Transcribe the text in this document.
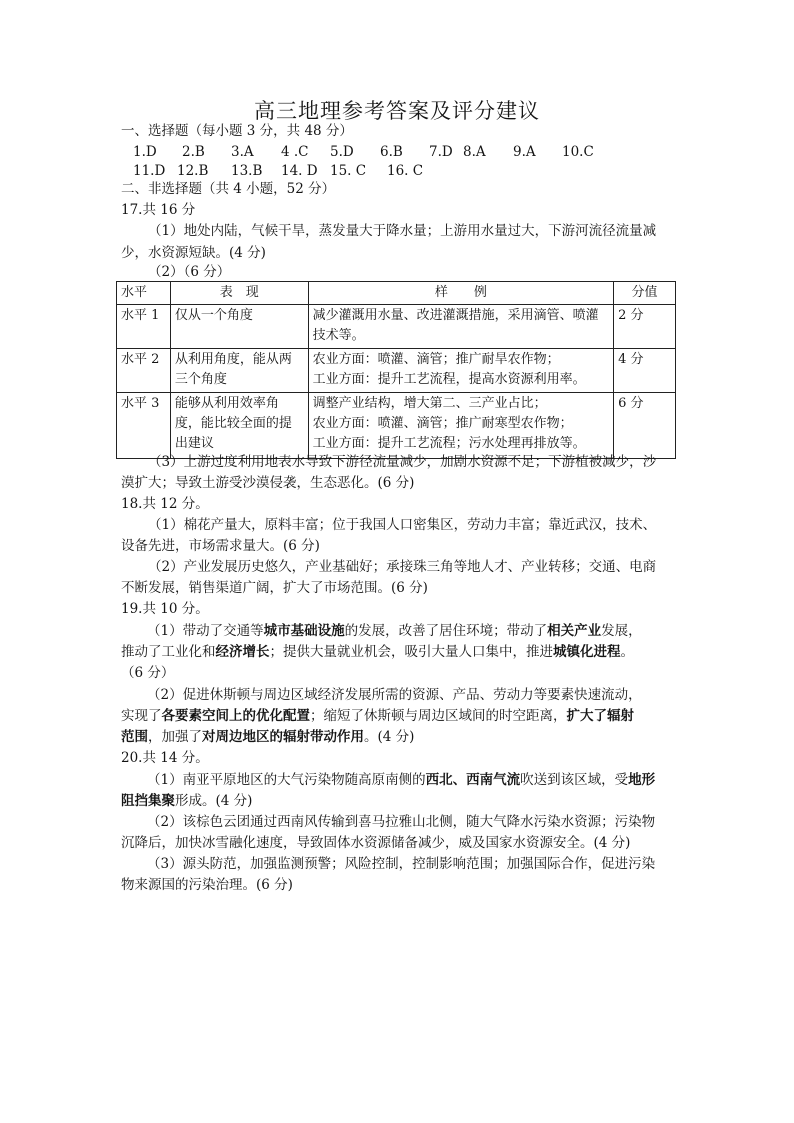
高三地理参考答案及评分建议
一、选择题（每小题 3 分，共 48 分）
1.D 2.B 3.A 4 .C 5.D 6.B 7.D 8.A 9.A 10.C
11.D 12.B 13.B 14. D 15. C 16. C
二、非选择题（共 4 小题，52 分）
17.共 16 分
（1）地处内陆，气候干旱，蒸发量大于降水量；上游用水量过大，下游河流径流量减
少，水资源短缺。(4 分)
（2）（6 分）
水平	表　现	样　　例	分值
水平 1	仅从一个角度	减少灌溉用水量、改进灌溉措施，采用滴管、喷灌技术等。	2 分
水平 2	从利用角度，能从两三个角度	农业方面：喷灌、滴管；推广耐旱农作物；
工业方面：提升工艺流程，提高水资源利用率。	4 分
水平 3	能够从利用效率角度，能比较全面的提出建议	调整产业结构，增大第二、三产业占比；
农业方面：喷灌、滴管；推广耐寒型农作物；
工业方面：提升工艺流程；污水处理再排放等。	6 分
（3）上游过度利用地表水导致下游径流量减少，加剧水资源不足；下游植被减少，沙
漠扩大；导致土游受沙漠侵袭，生态恶化。(6 分)
18.共 12 分。
（1）棉花产量大，原料丰富；位于我国人口密集区，劳动力丰富；靠近武汉，技术、
设备先进，市场需求量大。(6 分)
（2）产业发展历史悠久，产业基础好；承接珠三角等地人才、产业转移；交通、电商
不断发展，销售渠道广阔，扩大了市场范围。(6 分)
19.共 10 分。
（1）带动了交通等城市基础设施的发展，改善了居住环境；带动了相关产业发展，
推动了工业化和经济增长；提供大量就业机会，吸引大量人口集中，推进城镇化进程。
（6 分）
（2）促进休斯顿与周边区域经济发展所需的资源、产品、劳动力等要素快速流动，
实现了各要素空间上的优化配置；缩短了休斯顿与周边区域间的时空距离，扩大了辐射
范围，加强了对周边地区的辐射带动作用。(4 分)
20.共 14 分。
（1）南亚平原地区的大气污染物随高原南侧的西北、西南气流吹送到该区域，受地形
阻挡集聚形成。(4 分)
（2）该棕色云团通过西南风传输到喜马拉雅山北侧，随大气降水污染水资源；污染物
沉降后，加快冰雪融化速度，导致固体水资源储备减少，威及国家水资源安全。(4 分)
（3）源头防范，加强监测预警；风险控制，控制影响范围；加强国际合作，促进污染
物来源国的污染治理。(6 分)
